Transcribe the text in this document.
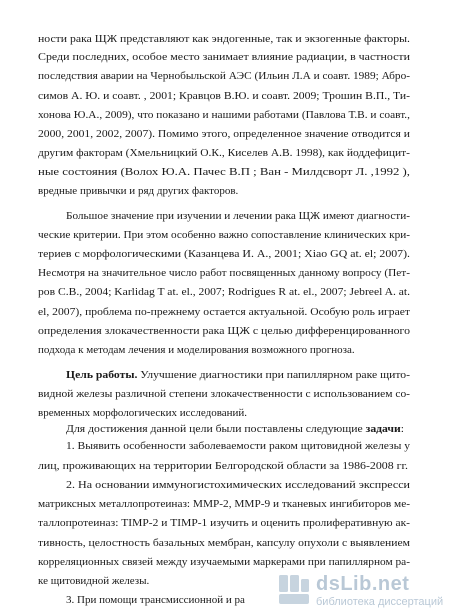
ности рака ЩЖ представляют как эндогенные, так и экзогенные факторы.
Среди последних, особое место занимает влияние радиации, в частности
последствия аварии на Чернобыльской АЭС (Ильин Л.А и соавт. 1989; Абро-
симов А. Ю. и соавт. , 2001; Кравцов В.Ю. и соавт. 2009; Трошин В.П., Ти-
хонова Ю.А., 2009), что показано и нашими работами (Павлова Т.В. и соавт.,
2000, 2001, 2002, 2007). Помимо этого, определенное значение отводится и
другим факторам (Хмельницкий О.К., Киселев А.В. 1998), как йоддефицит-
ные состояния (Волох Ю.А. Пачес В.П ; Ван - Милдсворт Л. ,1992 ),
вредные привычки и ряд других факторов.
Большое значение при изучении и лечении рака ЩЖ имеют диагности-
ческие критерии. При этом особенно важно сопоставление клинических кри-
териев с морфологическими (Казанцева И. А., 2001; Xiao GQ at. el; 2007).
Несмотря на значительное число работ посвященных данному вопросу (Пет-
ров С.В., 2004; Karlidag T at. el., 2007; Rodrigues R at. el., 2007; Jebreel A. at.
el, 2007), проблема по-прежнему остается актуальной. Особую роль играет
определения злокачественности рака ЩЖ с целью дифференцированного
подхода к методам лечения и моделирования возможного прогноза.
Цель работы. Улучшение диагностики при папиллярном раке щито-
видной железы различной степени злокачественности с использованием со-
временных морфологических исследований.
Для достижения данной цели были поставлены следующие задачи:
1. Выявить особенности заболеваемости раком щитовидной железы у
лиц, проживающих на территории Белгородской области за 1986-2008 гг.
2. На основании иммуногистохимических исследований экспресси
матриксных металлопротеиназ: ММР-2, ММР-9 и тканевых ингибиторов ме-
таллопротеиназ: TIMP-2 и TIMP-1 изучить и оценить пролиферативную ак-
тивность, целостность базальных мембран, капсулу опухоли с выявлением
корреляционных связей между изучаемыми маркерами при папиллярном ра-
ке щитовидной железы.
3. При помощи трансмиссионной и ра
dsLib.net
библиотека диссертаций
